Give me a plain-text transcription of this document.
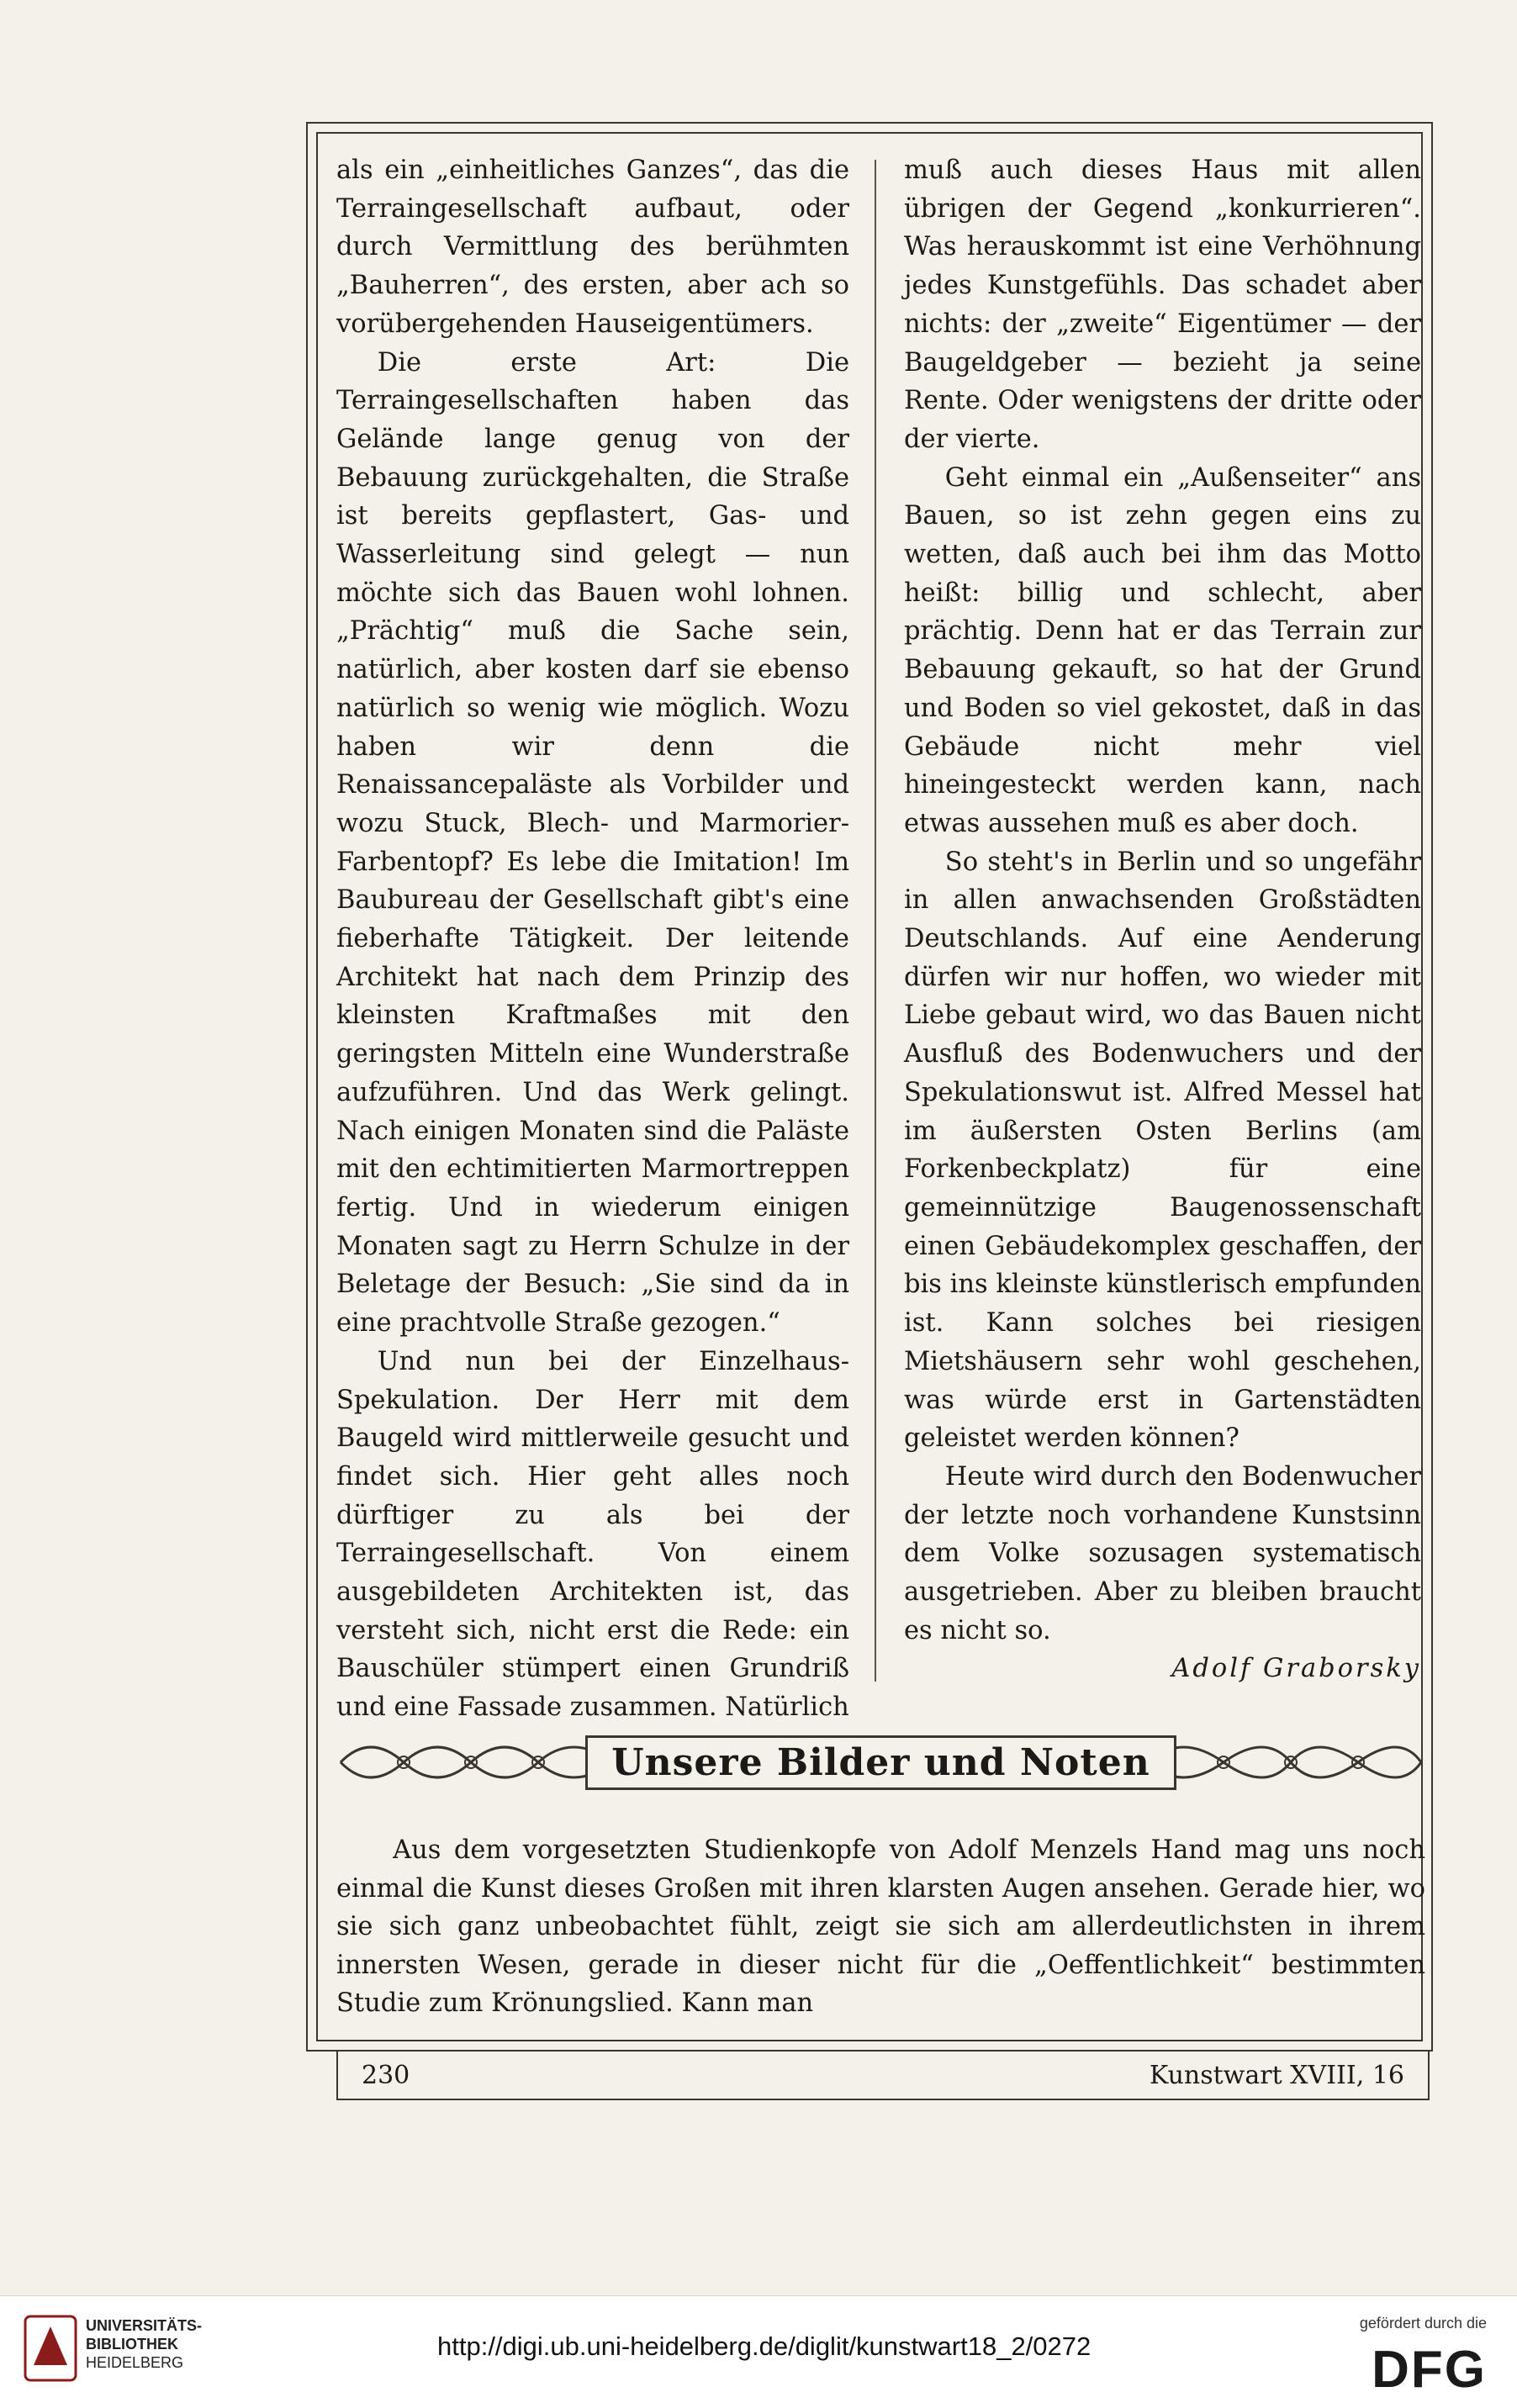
als ein „einheitliches Ganzes“, das die Terraingesellschaft aufbaut, oder durch Vermittlung des berühmten „Bauherren“, des ersten, aber ach so vorübergehenden Hauseigentümers.

Die erste Art: Die Terraingesellschaften haben das Gelände lange genug von der Bebauung zurückgehalten, die Straße ist bereits gepflastert, Gas- und Wasserleitung sind gelegt — nun möchte sich das Bauen wohl lohnen. „Prächtig“ muß die Sache sein, natürlich, aber kosten darf sie ebenso natürlich so wenig wie möglich. Wozu haben wir denn die Renaissancepaläste als Vorbilder und wozu Stuck, Blech- und Marmorier-Farbentopf? Es lebe die Imitation! Im Baubureau der Gesellschaft gibt's eine fieberhafte Tätigkeit. Der leitende Architekt hat nach dem Prinzip des kleinsten Kraftmaßes mit den geringsten Mitteln eine Wunderstraße aufzuführen. Und das Werk gelingt. Nach einigen Monaten sind die Paläste mit den echtimitierten Marmortreppen fertig. Und in wiederum einigen Monaten sagt zu Herrn Schulze in der Beletage der Besuch: „Sie sind da in eine prachtvolle Straße gezogen.“

Und nun bei der Einzelhaus-Spekulation. Der Herr mit dem Baugeld wird mittlerweile gesucht und findet sich. Hier geht alles noch dürftiger zu als bei der Terraingesellschaft. Von einem ausgebildeten Architekten ist, das versteht sich, nicht erst die Rede: ein Bauschüler stümpert einen Grundriß und eine Fassade zusammen. Natürlich

muß auch dieses Haus mit allen übrigen der Gegend „konkurrieren“. Was herauskommt ist eine Verhöhnung jedes Kunstgefühls. Das schadet aber nichts: der „zweite“ Eigentümer — der Baugeldgeber — bezieht ja seine Rente. Oder wenigstens der dritte oder der vierte.

Geht einmal ein „Außenseiter“ ans Bauen, so ist zehn gegen eins zu wetten, daß auch bei ihm das Motto heißt: billig und schlecht, aber prächtig. Denn hat er das Terrain zur Bebauung gekauft, so hat der Grund und Boden so viel gekostet, daß in das Gebäude nicht mehr viel hineingesteckt werden kann, nach etwas aussehen muß es aber doch.

So steht's in Berlin und so ungefähr in allen anwachsenden Großstädten Deutschlands. Auf eine Aenderung dürfen wir nur hoffen, wo wieder mit Liebe gebaut wird, wo das Bauen nicht Ausfluß des Bodenwuchers und der Spekulationswut ist. Alfred Messel hat im äußersten Osten Berlins (am Forkenbeckplatz) für eine gemeinnützige Baugenossenschaft einen Gebäudekomplex geschaffen, der bis ins kleinste künstlerisch empfunden ist. Kann solches bei riesigen Mietshäusern sehr wohl geschehen, was würde erst in Gartenstädten geleistet werden können?

Heute wird durch den Bodenwucher der letzte noch vorhandene Kunstsinn dem Volke sozusagen systematisch ausgetrieben. Aber zu bleiben braucht es nicht so.

Adolf Graborsky

Unsere Bilder und Noten

Aus dem vorgesetzten Studienkopfe von Adolf Menzels Hand mag uns noch einmal die Kunst dieses Großen mit ihren klarsten Augen ansehen. Gerade hier, wo sie sich ganz unbeobachtet fühlt, zeigt sie sich am allerdeutlichsten in ihrem innersten Wesen, gerade in dieser nicht für die „Oeffentlichkeit“ bestimmten Studie zum Krönungslied. Kann man

230	Kunstwart XVIII, 16
UNIVERSITÄTS-
BIBLIOTHEK
HEIDELBERG
http://digi.ub.uni-heidelberg.de/diglit/kunstwart18_2/0272
gefördert durch die
DFG
